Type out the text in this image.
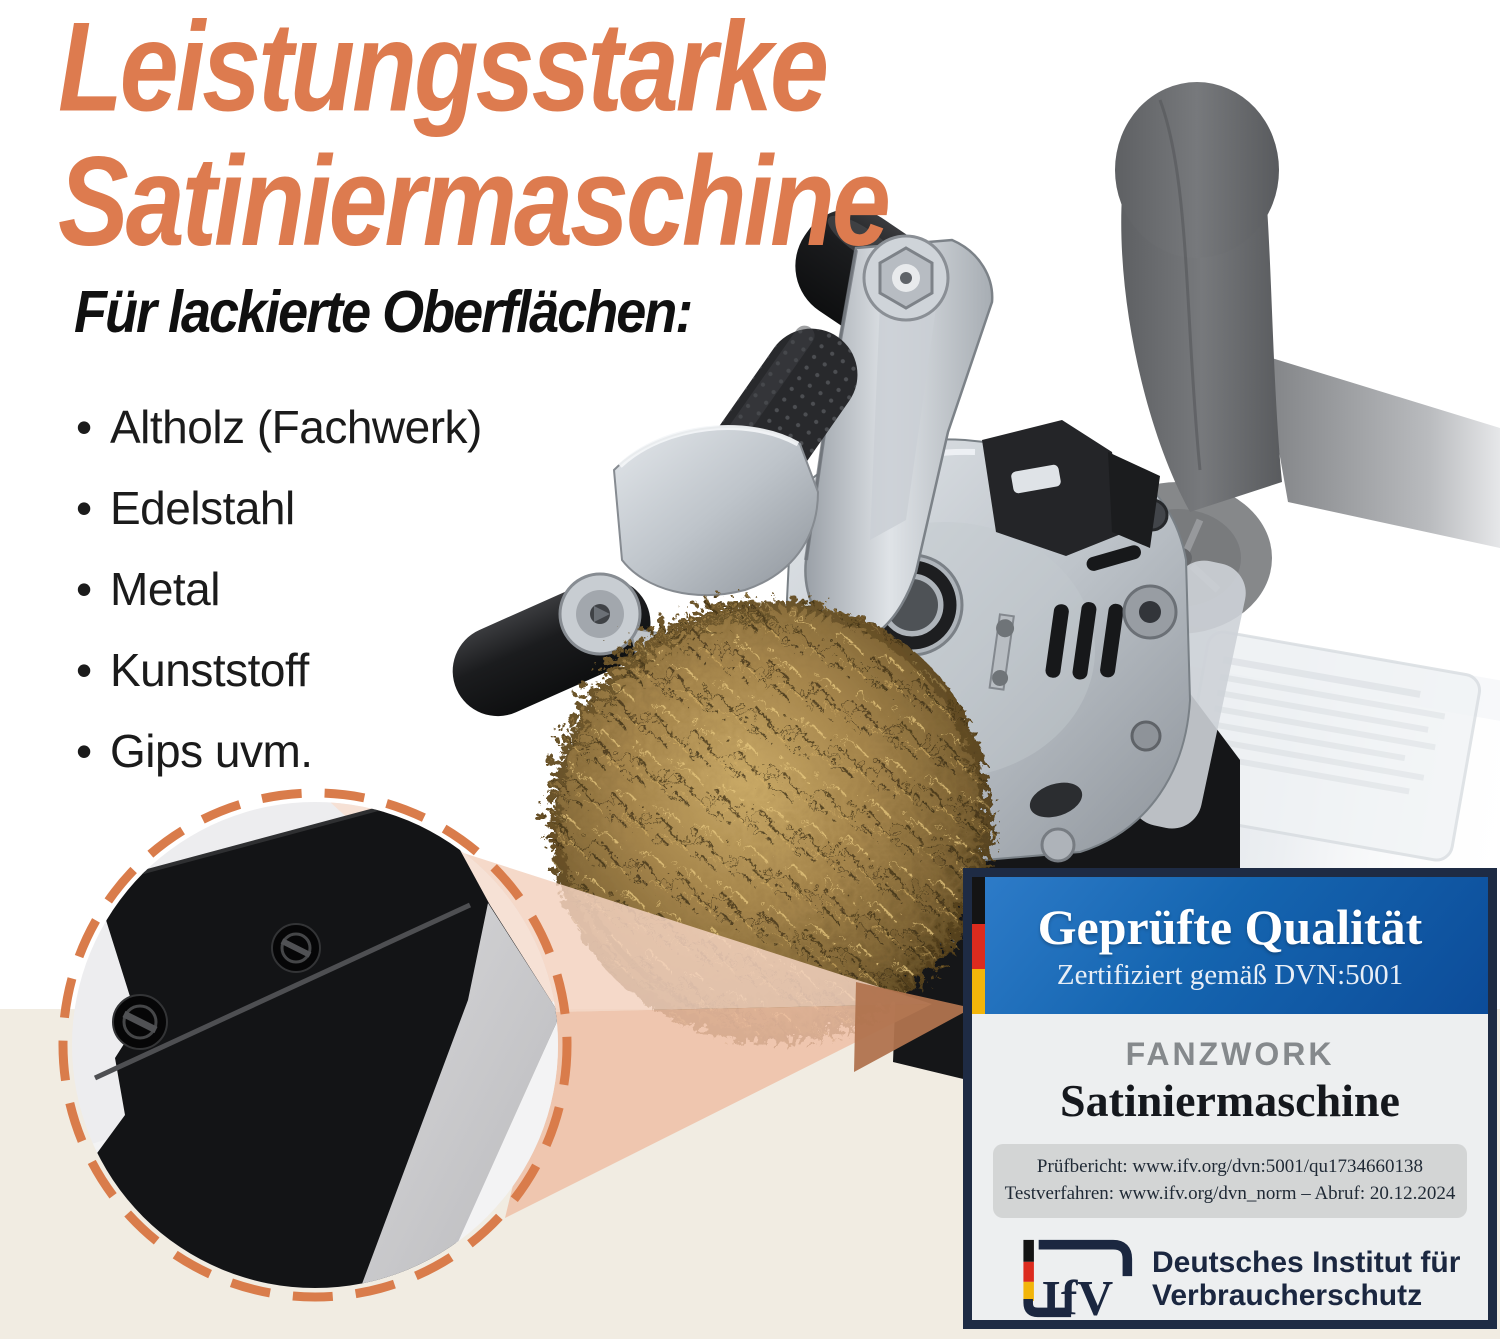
Leistungsstarke
Satiniermaschine
Für lackierte Oberflächen:
• Altholz (Fachwerk)
• Edelstahl
• Metal
• Kunststoff
• Gips uvm.
Geprüfte Qualität
Zertifiziert gemäß DVN:5001
FANZWORK
Satiniermaschine
Prüfbericht: www.ifv.org/dvn:5001/qu1734660138
Testverfahren: www.ifv.org/dvn_norm – Abruf: 20.12.2024
IfV
Deutsches Institut für
Verbraucherschutz
